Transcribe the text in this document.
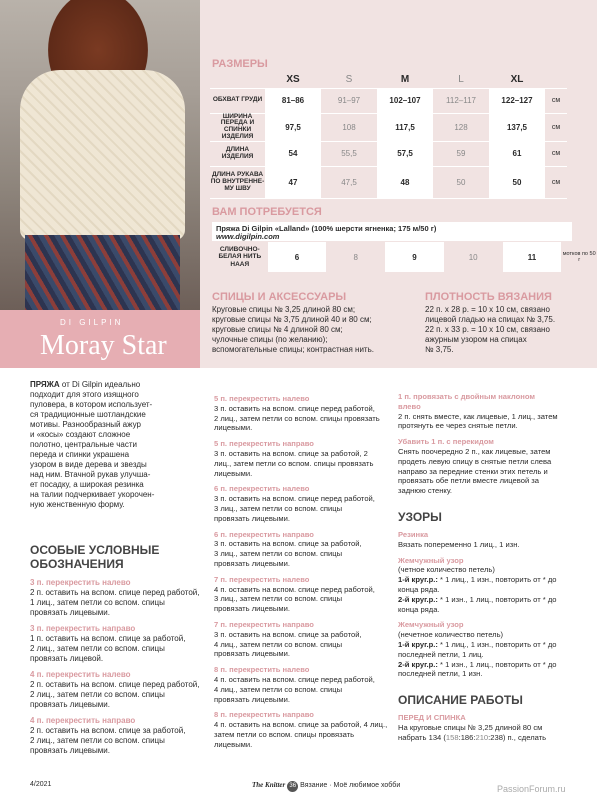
DI GILPIN
Moray Star
РАЗМЕРЫ
	XS	S	M	L	XL	
ОБХВАТ ГРУДИ	81–86	91–97	102–107	112–117	122–127	см
ШИРИНА ПЕРЕДА И СПИНКИ ИЗДЕЛИЯ	97,5	108	117,5	128	137,5	см
ДЛИНА ИЗДЕЛИЯ	54	55,5	57,5	59	61	см
ДЛИНА РУКАВА ПО ВНУТРЕННЕ- МУ ШВУ	47	47,5	48	50	50	см
ВАМ ПОТРЕБУЕТСЯ
Пряжа Di Gilpin «Lalland» (100% шерсти ягненка; 175 м/50 г)
www.digilpin.com
СЛИВОЧНО- БЕЛАЯ НИТЬ НААЯ	6	8	9	10	11	мотков по 50 г
СПИЦЫ И АКСЕССУАРЫ
Круговые спицы № 3,25 длиной 80 см;
круговые спицы № 3,75 длиной 40 и 80 см;
круговые спицы № 4 длиной 80 см;
чулочные спицы (по желанию);
вспомогательные спицы; контрастная нить.
ПЛОТНОСТЬ ВЯЗАНИЯ
22 п. х 28 р. = 10 х 10 см, связано
лицевой гладью на спицах № 3,75.
22 п. х 33 р. = 10 х 10 см, связано
ажурным узором на спицах
№ 3,75.
ПРЯЖА от Di Gilpin идеально
подходит для этого изящного
пуловера, в котором использует-
ся традиционные шотландские
мотивы. Разнообразный ажур
и «косы» создают сложное
полотно, центральные части
переда и спинки украшена
узором в виде дерева и звезды
над ним. Втачной рукав улучша-
ет посадку, а широкая резинка
на талии подчеркивает укорочен-
ную женственную форму.
ОСОБЫЕ УСЛОВНЫЕ
ОБОЗНАЧЕНИЯ
3 п. перекрестить налево
2 п. оставить на вспом. спице перед работой,
1 лиц., затем петли со вспом. спицы
провязать лицевыми.
3 п. перекрестить направо
1 п. оставить на вспом. спице за работой,
2 лиц., затем петли со вспом. спицы
провязать лицевой.
4 п. перекрестить налево
2 п. оставить на вспом. спице перед работой,
2 лиц., затем петли со вспом. спицы
провязать лицевыми.
4 п. перекрестить направо
2 п. оставить на вспом. спице за работой,
2 лиц., затем петли со вспом. спицы
провязать лицевыми.
5 п. перекрестить налево
3 п. оставить на вспом. спице перед работой,
2 лиц., затем петли со вспом. спицы провязать
лицевыми.
5 п. перекрестить направо
3 п. оставить на вспом. спице за работой, 2
лиц., затем петли со вспом. спицы провязать
лицевыми.
6 п. перекрестить налево
3 п. оставить на вспом. спице перед работой,
3 лиц., затем петли со вспом. спицы
провязать лицевыми.
6 п. перекрестить направо
3 п. оставить на вспом. спице за работой,
3 лиц., затем петли со вспом. спицы
провязать лицевыми.
7 п. перекрестить налево
4 п. оставить на вспом. спице перед работой,
3 лиц., затем петли со вспом. спицы
провязать лицевыми.
7 п. перекрестить направо
3 п. оставить на вспом. спице за работой,
4 лиц., затем петли со вспом. спицы
провязать лицевыми.
8 п. перекрестить налево
4 п. оставить на вспом. спице перед работой,
4 лиц., затем петли со вспом. спицы
провязать лицевыми.
8 п. перекрестить направо
4 п. оставить на вспом. спице за работой, 4 лиц.,
затем петли со вспом. спицы провязать лицевыми.
1 п. провязать с двойным наклоном
влево
2 п. снять вместе, как лицевые, 1 лиц., затем
протянуть ее через снятые петли.
Убавить 1 п. с перекидом
Снять поочередно 2 п., как лицевые, затем
продеть левую спицу в снятые петли слева
направо за передние стенки этих петель и
провязать обе петли вместе лицевой за
заднюю стенку.
УЗОРЫ
Резинка
Вязать попеременно 1 лиц., 1 изн.
Жемчужный узор
(четное количество петель)
1-й круг.р.: * 1 лиц., 1 изн., повторить от * до
конца ряда.
2-й круг.р.: * 1 изн., 1 лиц., повторить от * до
конца ряда.
Жемчужный узор
(нечетное количество петель)
1-й круг.р.: * 1 лиц., 1 изн., повторить от * до
последней петли, 1 лиц.
2-й круг.р.: * 1 изн., 1 лиц., повторить от * до
последней петли, 1 изн.
ОПИСАНИЕ РАБОТЫ
ПЕРЕД И СПИНКА
На круговые спицы № 3,25 длиной 80 см
набрать 134 (158:186:210:238) п., сделать
4/2021	The Knitter 36 Вязание · Моё любимое хобби	PassionForum.ru
